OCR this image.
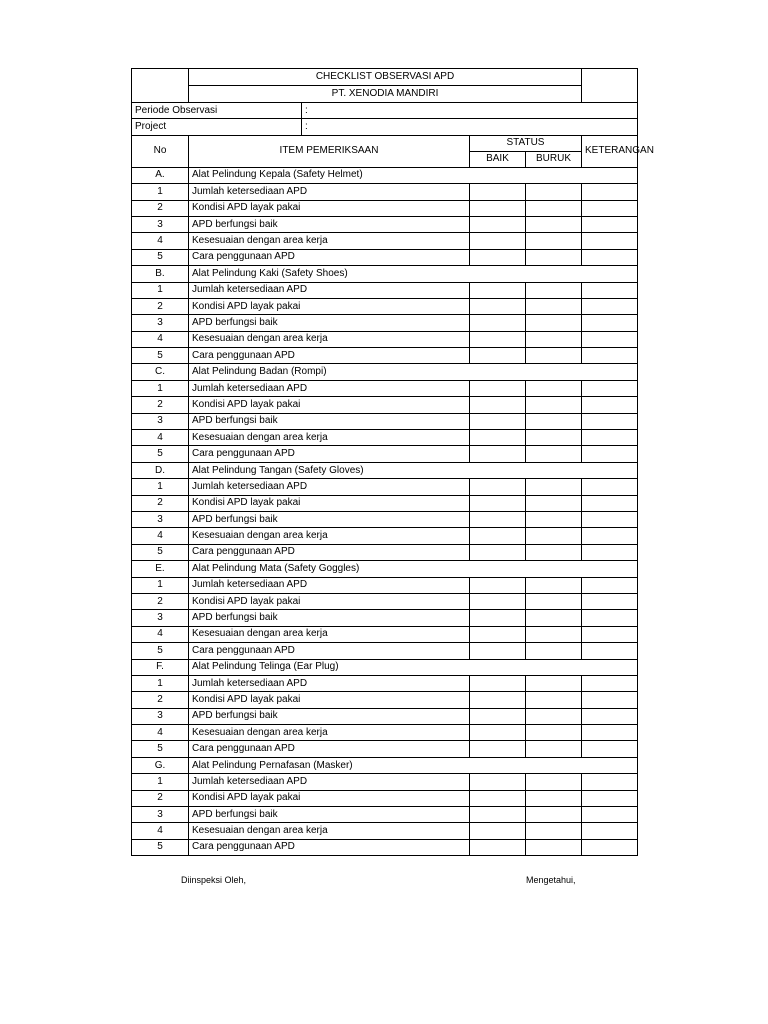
	CHECKLIST OBSERVASI APD
PT. XENODIA MANDIRI				

Periode Observasi		:			
Project		:			
No	ITEM PEMERIKSAAN		STATUS		KETERANGAN
			BAIK	BURUK	
A.	Alat Pelindung Kepala (Safety Helmet)				
1	Jumlah ketersediaan APD				
2	Kondisi APD layak pakai				
3	APD berfungsi baik				
4	Kesesuaian dengan area kerja				
5	Cara penggunaan APD				
B.	Alat Pelindung Kaki (Safety Shoes)				
1	Jumlah ketersediaan APD				
2	Kondisi APD layak pakai				
3	APD berfungsi baik				
4	Kesesuaian dengan area kerja				
5	Cara penggunaan APD				
C.	Alat Pelindung Badan (Rompi)				
1	Jumlah ketersediaan APD				
2	Kondisi APD layak pakai				
3	APD berfungsi baik				
4	Kesesuaian dengan area kerja				
5	Cara penggunaan APD				
D.	Alat Pelindung Tangan (Safety Gloves)				
1	Jumlah ketersediaan APD				
2	Kondisi APD layak pakai				
3	APD berfungsi baik				
4	Kesesuaian dengan area kerja				
5	Cara penggunaan APD				
E.	Alat Pelindung Mata (Safety Goggles)				
1	Jumlah ketersediaan APD				
2	Kondisi APD layak pakai				
3	APD berfungsi baik				
4	Kesesuaian dengan area kerja				
5	Cara penggunaan APD				
F.	Alat Pelindung Telinga (Ear Plug)				
1	Jumlah ketersediaan APD				
2	Kondisi APD layak pakai				
3	APD berfungsi baik				
4	Kesesuaian dengan area kerja				
5	Cara penggunaan APD				
G.	Alat Pelindung Pernafasan (Masker)				
1	Jumlah ketersediaan APD				
2	Kondisi APD layak pakai				
3	APD berfungsi baik				
4	Kesesuaian dengan area kerja				
5	Cara penggunaan APD				
Diinspeksi Oleh,	Mengetahui,
